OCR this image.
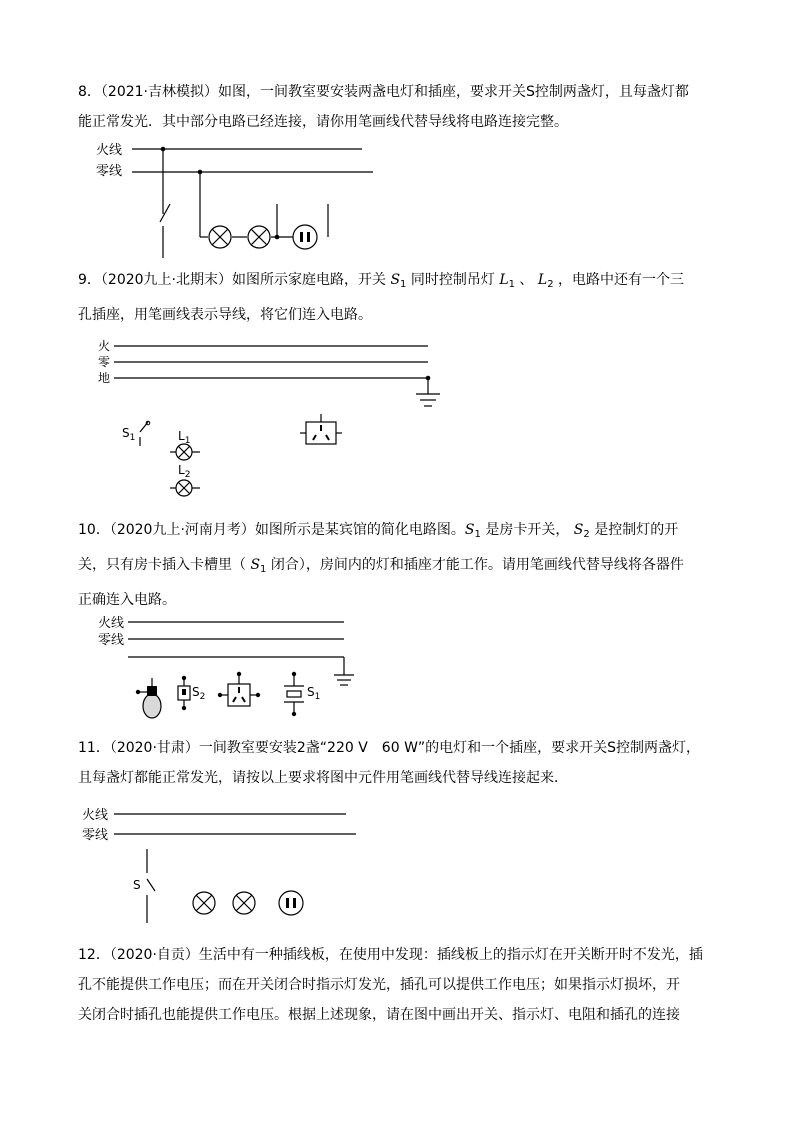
8．（2021·吉林模拟）如图，一间教室要安装两盏电灯和插座，要求开关S控制两盏灯，且每盏灯都
能正常发光．其中部分电路已经连接，请你用笔画线代替导线将电路连接完整。
火线
零线
9．（2020九上·北期末）如图所示家庭电路，开关 $S_1$ 同时控制吊灯 $L_1$ 、 $L_2$ ，电路中还有一个三
孔插座，用笔画线表示导线，将它们连入电路。
火
零
地
$S_1$	$L_1$
$L_2$
10．（2020九上·河南月考）如图所示是某宾馆的简化电路图。$S_1$ 是房卡开关， $S_2$ 是控制灯的开
关，只有房卡插入卡槽里（ $S_1$ 闭合），房间内的灯和插座才能工作。请用笔画线代替导线将各器件
正确连入电路。
火线
零线
$S_2$	$S_1$
11．（2020·甘肃）一间教室要安装2盏“220 V　60 W”的电灯和一个插座，要求开关S控制两盏灯，
且每盏灯都能正常发光，请按以上要求将图中元件用笔画线代替导线连接起来．
火线
零线
S
12．（2020·自贡）生活中有一种插线板，在使用中发现：插线板上的指示灯在开关断开时不发光，插
孔不能提供工作电压；而在开关闭合时指示灯发光，插孔可以提供工作电压；如果指示灯损坏，开
关闭合时插孔也能提供工作电压。根据上述现象，请在图中画出开关、指示灯、电阻和插孔的连接
